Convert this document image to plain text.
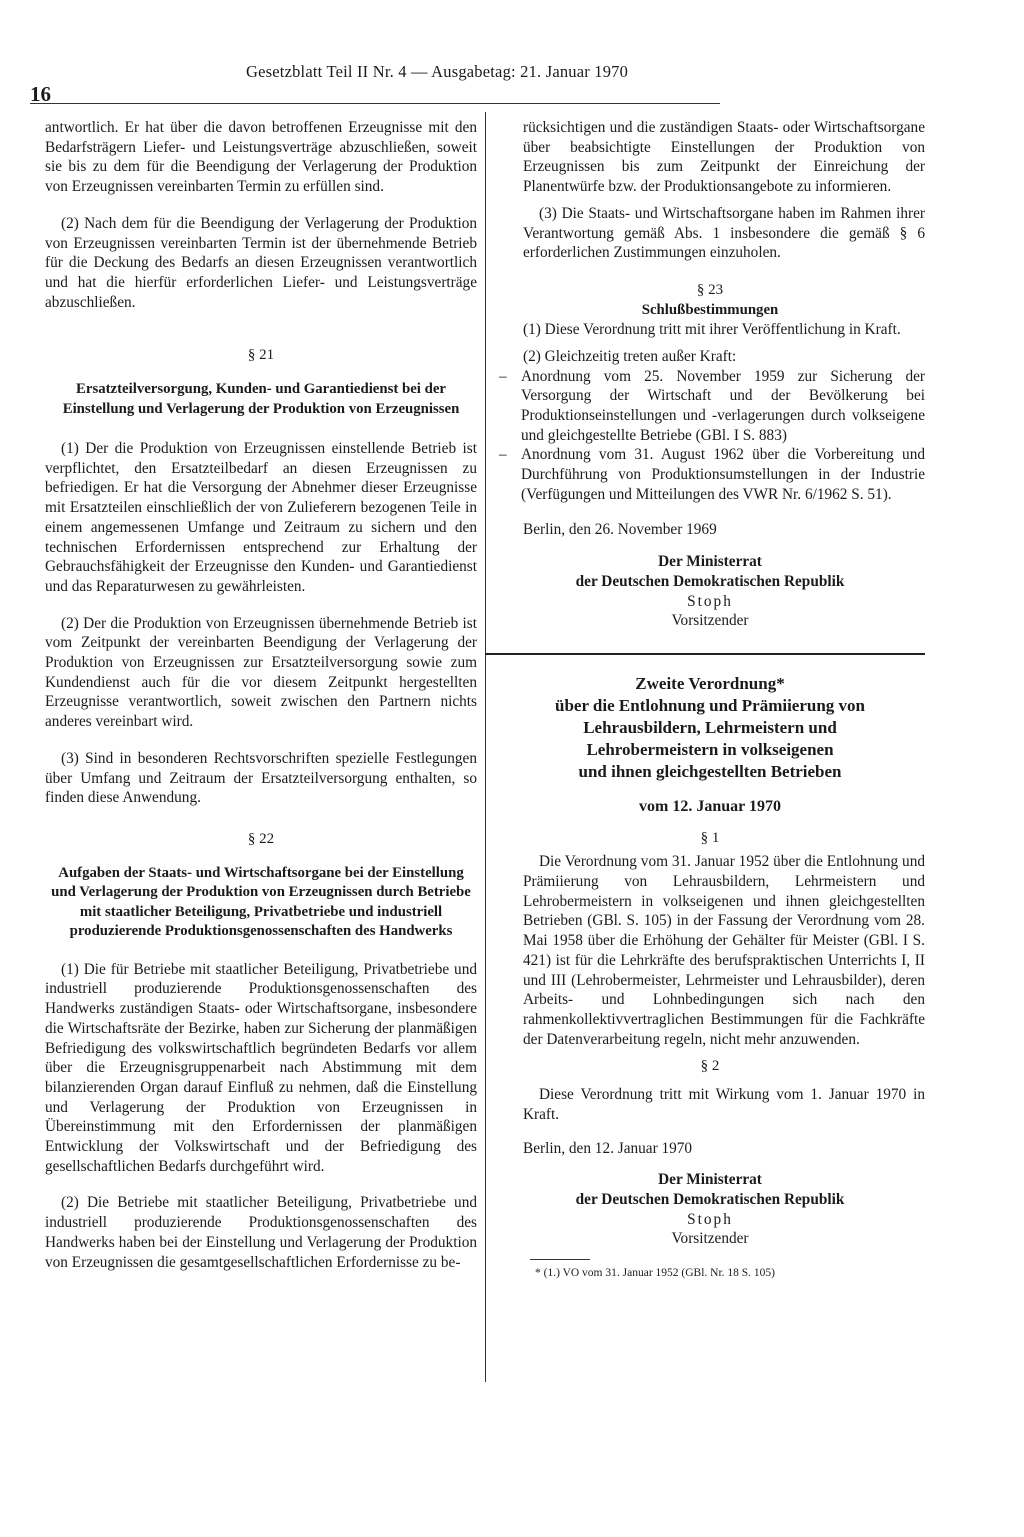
16
Gesetzblatt Teil II Nr. 4 — Ausgabetag: 21. Januar 1970

antwortlich. Er hat über die davon betroffenen Erzeugnisse mit den Bedarfsträgern Liefer- und Leistungsverträge abzuschließen, soweit sie bis zu dem für die Beendigung der Verlagerung der Produktion von Erzeugnissen vereinbarten Termin zu erfüllen sind.

(2) Nach dem für die Beendigung der Verlagerung der Produktion von Erzeugnissen vereinbarten Termin ist der übernehmende Betrieb für die Deckung des Bedarfs an diesen Erzeugnissen verantwortlich und hat die hierfür erforderlichen Liefer- und Leistungsverträge abzuschließen.

§ 21

Ersatzteilversorgung, Kunden- und Garantiedienst bei der Einstellung und Verlagerung der Produktion von Erzeugnissen

(1) Der die Produktion von Erzeugnissen einstellende Betrieb ist verpflichtet, den Ersatzteilbedarf an diesen Erzeugnissen zu befriedigen. Er hat die Versorgung der Abnehmer dieser Erzeugnisse mit Ersatzteilen einschließlich der von Zulieferern bezogenen Teile in einem angemessenen Umfange und Zeitraum zu sichern und den technischen Erfordernissen entsprechend zur Erhaltung der Gebrauchsfähigkeit der Erzeugnisse den Kunden- und Garantiedienst und das Reparaturwesen zu gewährleisten.

(2) Der die Produktion von Erzeugnissen übernehmende Betrieb ist vom Zeitpunkt der vereinbarten Beendigung der Verlagerung der Produktion von Erzeugnissen zur Ersatzteilversorgung sowie zum Kundendienst auch für die vor diesem Zeitpunkt hergestellten Erzeugnisse verantwortlich, soweit zwischen den Partnern nichts anderes vereinbart wird.

(3) Sind in besonderen Rechtsvorschriften spezielle Festlegungen über Umfang und Zeitraum der Ersatzteilversorgung enthalten, so finden diese Anwendung.

§ 22

Aufgaben der Staats- und Wirtschaftsorgane bei der Einstellung und Verlagerung der Produktion von Erzeugnissen durch Betriebe mit staatlicher Beteiligung, Privatbetriebe und industriell produzierende Produktionsgenossenschaften des Handwerks

(1) Die für Betriebe mit staatlicher Beteiligung, Privatbetriebe und industriell produzierende Produktionsgenossenschaften des Handwerks zuständigen Staats- oder Wirtschaftsorgane, insbesondere die Wirtschaftsräte der Bezirke, haben zur Sicherung der planmäßigen Befriedigung des volkswirtschaftlich begründeten Bedarfs vor allem über die Erzeugnisgruppenarbeit nach Abstimmung mit dem bilanzierenden Organ darauf Einfluß zu nehmen, daß die Einstellung und Verlagerung der Produktion von Erzeugnissen in Übereinstimmung mit den Erfordernissen der planmäßigen Entwicklung der Volkswirtschaft und der Befriedigung des gesellschaftlichen Bedarfs durchgeführt wird.

(2) Die Betriebe mit staatlicher Beteiligung, Privatbetriebe und industriell produzierende Produktionsgenossenschaften des Handwerks haben bei der Einstellung und Verlagerung der Produktion von Erzeugnissen die gesamtgesellschaftlichen Erfordernisse zu be-

rücksichtigen und die zuständigen Staats- oder Wirtschaftsorgane über beabsichtigte Einstellungen der Produktion von Erzeugnissen bis zum Zeitpunkt der Einreichung der Planentwürfe bzw. der Produktionsangebote zu informieren.

(3) Die Staats- und Wirtschaftsorgane haben im Rahmen ihrer Verantwortung gemäß Abs. 1 insbesondere die gemäß § 6 erforderlichen Zustimmungen einzuholen.

§ 23

Schlußbestimmungen

(1) Diese Verordnung tritt mit ihrer Veröffentlichung in Kraft.

(2) Gleichzeitig treten außer Kraft:

– Anordnung vom 25. November 1959 zur Sicherung der Versorgung der Wirtschaft und der Bevölkerung bei Produktionseinstellungen und -verlagerungen durch volkseigene und gleichgestellte Betriebe (GBl. I S. 883)
– Anordnung vom 31. August 1962 über die Vorbereitung und Durchführung von Produktionsumstellungen in der Industrie (Verfügungen und Mitteilungen des VWR Nr. 6/1962 S. 51).

Berlin, den 26. November 1969

Der Ministerrat

der Deutschen Demokratischen Republik

Stoph

Vorsitzender

Zweite Verordnung*
über die Entlohnung und Prämiierung von
Lehrausbildern, Lehrmeistern und
Lehrobermeistern in volkseigenen
und ihnen gleichgestellten Betrieben

vom 12. Januar 1970

§ 1

Die Verordnung vom 31. Januar 1952 über die Entlohnung und Prämiierung von Lehrausbildern, Lehrmeistern und Lehrobermeistern in volkseigenen und ihnen gleichgestellten Betrieben (GBl. S. 105) in der Fassung der Verordnung vom 28. Mai 1958 über die Erhöhung der Gehälter für Meister (GBl. I S. 421) ist für die Lehrkräfte des berufspraktischen Unterrichts I, II und III (Lehrobermeister, Lehrmeister und Lehrausbilder), deren Arbeits- und Lohnbedingungen sich nach den rahmenkollektivvertraglichen Bestimmungen für die Fachkräfte der Datenverarbeitung regeln, nicht mehr anzuwenden.

§ 2

Diese Verordnung tritt mit Wirkung vom 1. Januar 1970 in Kraft.

Berlin, den 12. Januar 1970

Der Ministerrat

der Deutschen Demokratischen Republik

Stoph

Vorsitzender

* (1.) VO vom 31. Januar 1952 (GBl. Nr. 18 S. 105)
